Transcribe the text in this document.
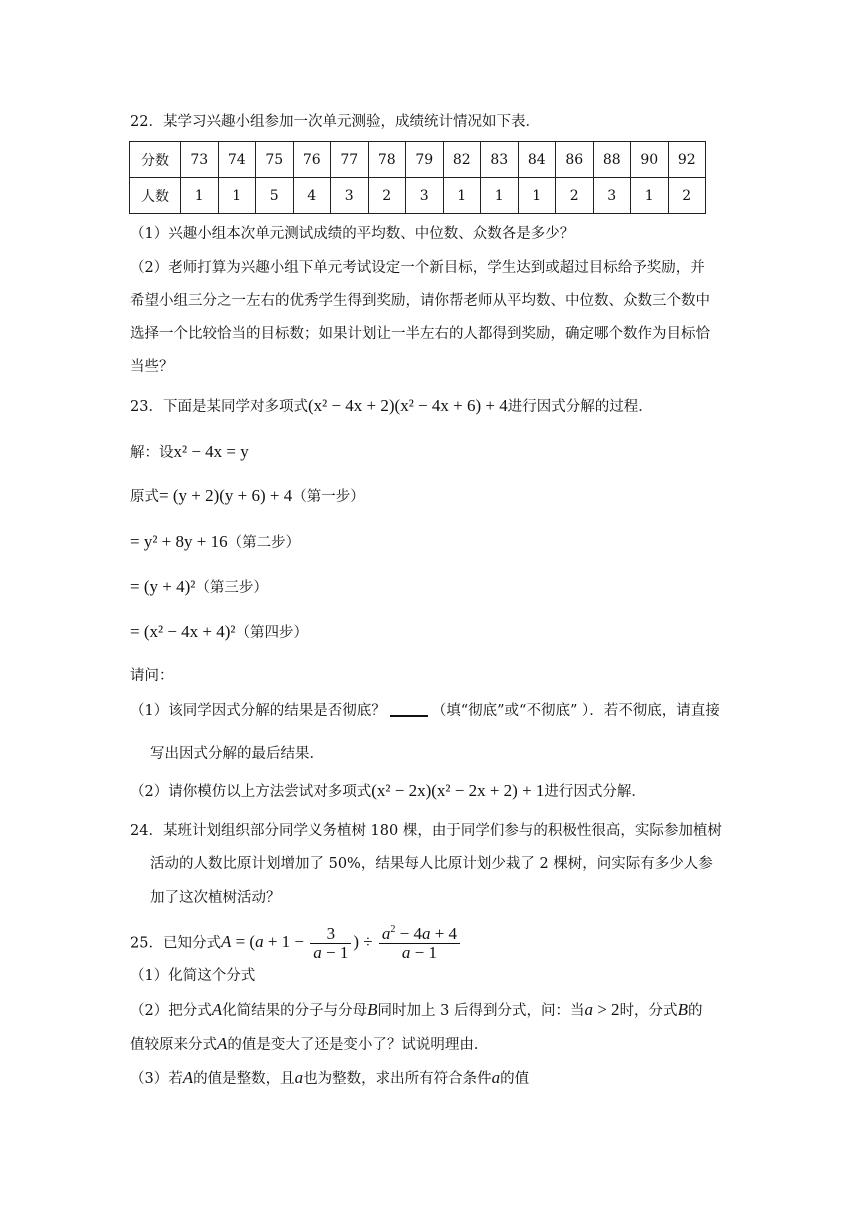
22．某学习兴趣小组参加一次单元测验，成绩统计情况如下表．
分数	73	74	75	76	77	78	79	82	83	84	86	88	90	92
人数	1	1	5	4	3	2	3	1	1	1	2	3	1	2
（1）兴趣小组本次单元测试成绩的平均数、中位数、众数各是多少？
（2）老师打算为兴趣小组下单元考试设定一个新目标，学生达到或超过目标给予奖励，并
希望小组三分之一左右的优秀学生得到奖励，请你帮老师从平均数、中位数、众数三个数中
选择一个比较恰当的目标数；如果计划让一半左右的人都得到奖励，确定哪个数作为目标恰
当些？
23．下面是某同学对多项式(x² − 4x + 2)(x² − 4x + 6) + 4进行因式分解的过程．
解：设x² − 4x = y
原式= (y + 2)(y + 6) + 4（第一步）
= y² + 8y + 16（第二步）
= (y + 4)²（第三步）
= (x² − 4x + 4)²（第四步）
请问：
（1）该同学因式分解的结果是否彻底？	（填“彻底”或“不彻底” ）．若不彻底，请直接
写出因式分解的最后结果．
（2）请你模仿以上方法尝试对多项式(x² − 2x)(x² − 2x + 2) + 1进行因式分解．
24．某班计划组织部分同学义务植树 180 棵，由于同学们参与的积极性很高，实际参加植树
活动的人数比原计划增加了 50%，结果每人比原计划少栽了 2 棵树，问实际有多少人参
加了这次植树活动？
25．已知分式$A = (a + 1 - \frac{3}{a - 1}$ ) ÷ $\frac{a^2 - 4a + 4}{a - 1}$
（1）化简这个分式
（2）把分式A化简结果的分子与分母B同时加上 3 后得到分式，问：当a > 2时，分式B的
值较原来分式A的值是变大了还是变小了？试说明理由．
（3）若A的值是整数，且a也为整数，求出所有符合条件a的值
